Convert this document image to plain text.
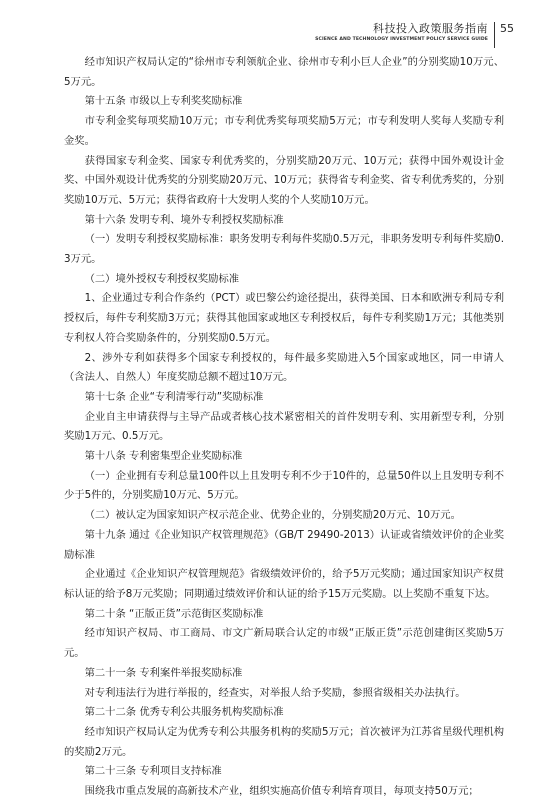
科技投入政策服务指南
SCIENCE AND TECHNOLOGY INVESTMENT POLICY SERVICE GUIDE
55

经市知识产权局认定的“徐州市专利领航企业、徐州市专利小巨人企业”的分别奖励10万元、5万元。

第十五条 市级以上专利奖奖励标准

市专利金奖每项奖励10万元；市专利优秀奖每项奖励5万元；市专利发明人奖每人奖励专利金奖。

获得国家专利金奖、国家专利优秀奖的，分别奖励20万元、10万元；获得中国外观设计金奖、中国外观设计优秀奖的分别奖励20万元、10万元；获得省专利金奖、省专利优秀奖的，分别奖励10万元、5万元；获得省政府十大发明人奖的个人奖励10万元。

第十六条 发明专利、境外专利授权奖励标准

（一）发明专利授权奖励标准：职务发明专利每件奖励0.5万元，非职务发明专利每件奖励0.3万元。

（二）境外授权专利授权奖励标准

1、企业通过专利合作条约（PCT）或巴黎公约途径提出，获得美国、日本和欧洲专利局专利授权后，每件专利奖励3万元；获得其他国家或地区专利授权后，每件专利奖励1万元；其他类别专利权人符合奖励条件的，分别奖励0.5万元。

2、涉外专利如获得多个国家专利授权的，每件最多奖励进入5个国家或地区，同一申请人（含法人、自然人）年度奖励总额不超过10万元。

第十七条 企业“专利清零行动”奖励标准

企业自主申请获得与主导产品或者核心技术紧密相关的首件发明专利、实用新型专利，分别奖励1万元、0.5万元。

第十八条 专利密集型企业奖励标准

（一）企业拥有专利总量100件以上且发明专利不少于10件的，总量50件以上且发明专利不少于5件的，分别奖励10万元、5万元。

（二）被认定为国家知识产权示范企业、优势企业的，分别奖励20万元、10万元。

第十九条 通过《企业知识产权管理规范》（GB/T 29490-2013）认证或省绩效评价的企业奖励标准

企业通过《企业知识产权管理规范》省级绩效评价的，给予5万元奖励；通过国家知识产权贯标认证的给予8万元奖励；同期通过绩效评价和认证的给予15万元奖励。以上奖励不重复下达。

第二十条 “正版正货”示范街区奖励标准

经市知识产权局、市工商局、市文广新局联合认定的市级“正版正货”示范创建街区奖励5万元。

第二十一条 专利案件举报奖励标准

对专利违法行为进行举报的，经查实，对举报人给予奖励，参照省级相关办法执行。

第二十二条 优秀专利公共服务机构奖励标准

经市知识产权局认定为优秀专利公共服务机构的奖励5万元；首次被评为江苏省星级代理机构的奖励2万元。

第二十三条 专利项目支持标准

围绕我市重点发展的高新技术产业，组织实施高价值专利培育项目，每项支持50万元；
